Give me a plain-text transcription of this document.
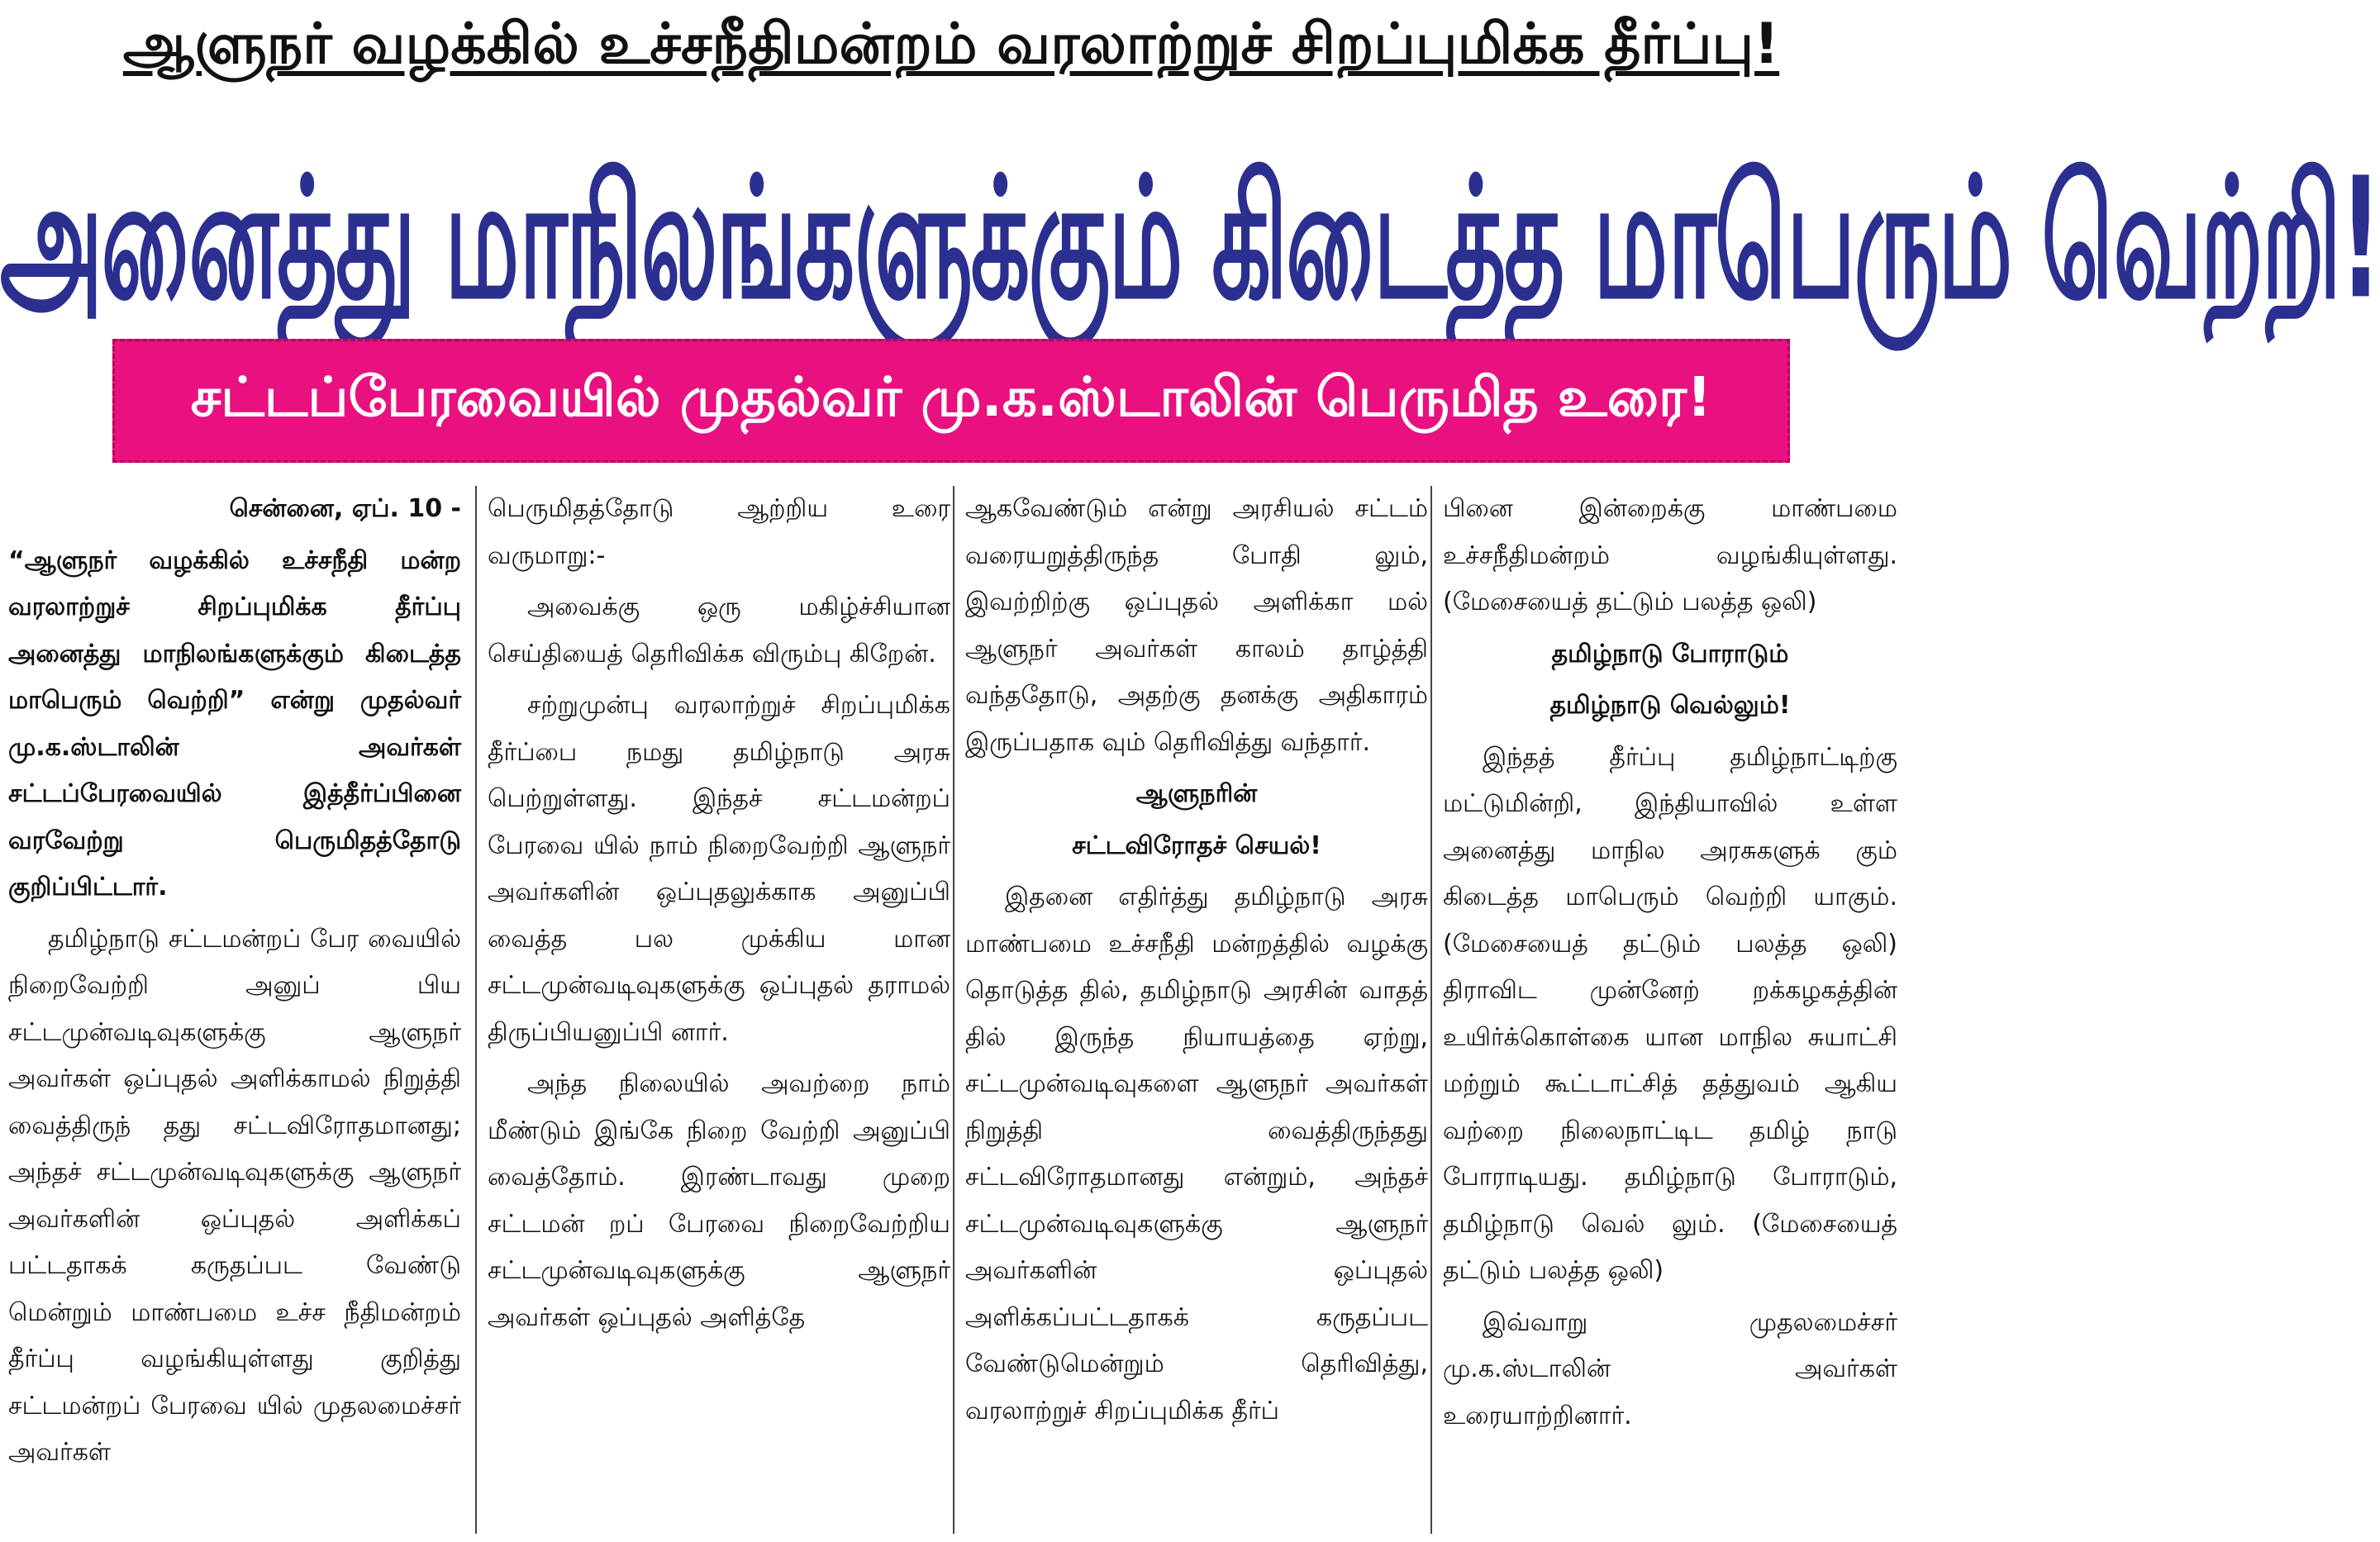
ஆளுநர் வழக்கில் உச்சநீதிமன்றம் வரலாற்றுச் சிறப்புமிக்க தீர்ப்பு!
அனைத்து மாநிலங்களுக்கும் கிடைத்த மாபெரும் வெற்றி!
சட்டப்பேரவையில் முதல்வர் மு.க.ஸ்டாலின் பெருமித உரை!

சென்னை, ஏப். 10 -

“ஆளுநர் வழக்கில் உச்சநீதி மன்ற வரலாற்றுச் சிறப்புமிக்க தீர்ப்பு அனைத்து மாநிலங்களுக்கும் கிடைத்த மாபெரும் வெற்றி” என்று முதல்வர் மு.க.ஸ்டாலின் அவர்கள் சட்டப்பேரவையில் இத்தீர்ப்பினை வரவேற்று பெருமிதத்தோடு குறிப்பிட்டார்.

தமிழ்நாடு சட்டமன்றப் பேர வையில் நிறைவேற்றி அனுப் பிய சட்டமுன்வடிவுகளுக்கு ஆளுநர் அவர்கள் ஒப்புதல் அளிக்காமல் நிறுத்தி வைத்திருந் தது சட்டவிரோதமானது; அந்தச் சட்டமுன்வடிவுகளுக்கு ஆளுநர் அவர்களின் ஒப்புதல் அளிக்கப் பட்டதாகக் கருதப்பட வேண்டு மென்றும் மாண்பமை உச்ச நீதிமன்றம் தீர்ப்பு வழங்கியுள்ளது குறித்து சட்டமன்றப் பேரவை யில் முதலமைச்சர் அவர்கள்

பெருமிதத்தோடு ஆற்றிய உரை வருமாறு:-

அவைக்கு ஒரு மகிழ்ச்சியான செய்தியைத் தெரிவிக்க விரும்பு கிறேன்.

சற்றுமுன்பு வரலாற்றுச் சிறப்புமிக்க தீர்ப்பை நமது தமிழ்நாடு அரசு பெற்றுள்ளது. இந்தச் சட்டமன்றப் பேரவை யில் நாம் நிறைவேற்றி ஆளுநர் அவர்களின் ஒப்புதலுக்காக அனுப்பி வைத்த பல முக்கிய மான சட்டமுன்வடிவுகளுக்கு ஒப்புதல் தராமல் திருப்பியனுப்பி னார்.

அந்த நிலையில் அவற்றை நாம் மீண்டும் இங்கே நிறை வேற்றி அனுப்பி வைத்தோம். இரண்டாவது முறை சட்டமன் றப் பேரவை நிறைவேற்றிய சட்டமுன்வடிவுகளுக்கு ஆளுநர் அவர்கள் ஒப்புதல் அளித்தே

ஆகவேண்டும் என்று அரசியல் சட்டம் வரையறுத்திருந்த போதி லும், இவற்றிற்கு ஒப்புதல் அளிக்கா மல் ஆளுநர் அவர்கள் காலம் தாழ்த்தி வந்ததோடு, அதற்கு தனக்கு அதிகாரம் இருப்பதாக வும் தெரிவித்து வந்தார்.

ஆளுநரின்

சட்டவிரோதச் செயல்!

இதனை எதிர்த்து தமிழ்நாடு அரசு மாண்பமை உச்சநீதி மன்றத்தில் வழக்கு தொடுத்த தில், தமிழ்நாடு அரசின் வாதத் தில் இருந்த நியாயத்தை ஏற்று, சட்டமுன்வடிவுகளை ஆளுநர் அவர்கள் நிறுத்தி வைத்திருந்தது சட்டவிரோதமானது என்றும், அந்தச் சட்டமுன்வடிவுகளுக்கு ஆளுநர் அவர்களின் ஒப்புதல் அளிக்கப்பட்டதாகக் கருதப்பட வேண்டுமென்றும் தெரிவித்து, வரலாற்றுச் சிறப்புமிக்க தீர்ப்

பினை இன்றைக்கு மாண்பமை உச்சநீதிமன்றம் வழங்கியுள்ளது. (மேசையைத் தட்டும் பலத்த ஒலி)

தமிழ்நாடு போராடும்

தமிழ்நாடு வெல்லும்!

இந்தத் தீர்ப்பு தமிழ்நாட்டிற்கு மட்டுமின்றி, இந்தியாவில் உள்ள அனைத்து மாநில அரசுகளுக் கும் கிடைத்த மாபெரும் வெற்றி யாகும். (மேசையைத் தட்டும் பலத்த ஒலி) திராவிட முன்னேற் றக்கழகத்தின் உயிர்க்கொள்கை யான மாநில சுயாட்சி மற்றும் கூட்டாட்சித் தத்துவம் ஆகிய வற்றை நிலைநாட்டிட தமிழ் நாடு போராடியது. தமிழ்நாடு போராடும், தமிழ்நாடு வெல் லும். (மேசையைத் தட்டும் பலத்த ஒலி)

இவ்வாறு முதலமைச்சர் மு.க.ஸ்டாலின் அவர்கள் உரையாற்றினார்.
